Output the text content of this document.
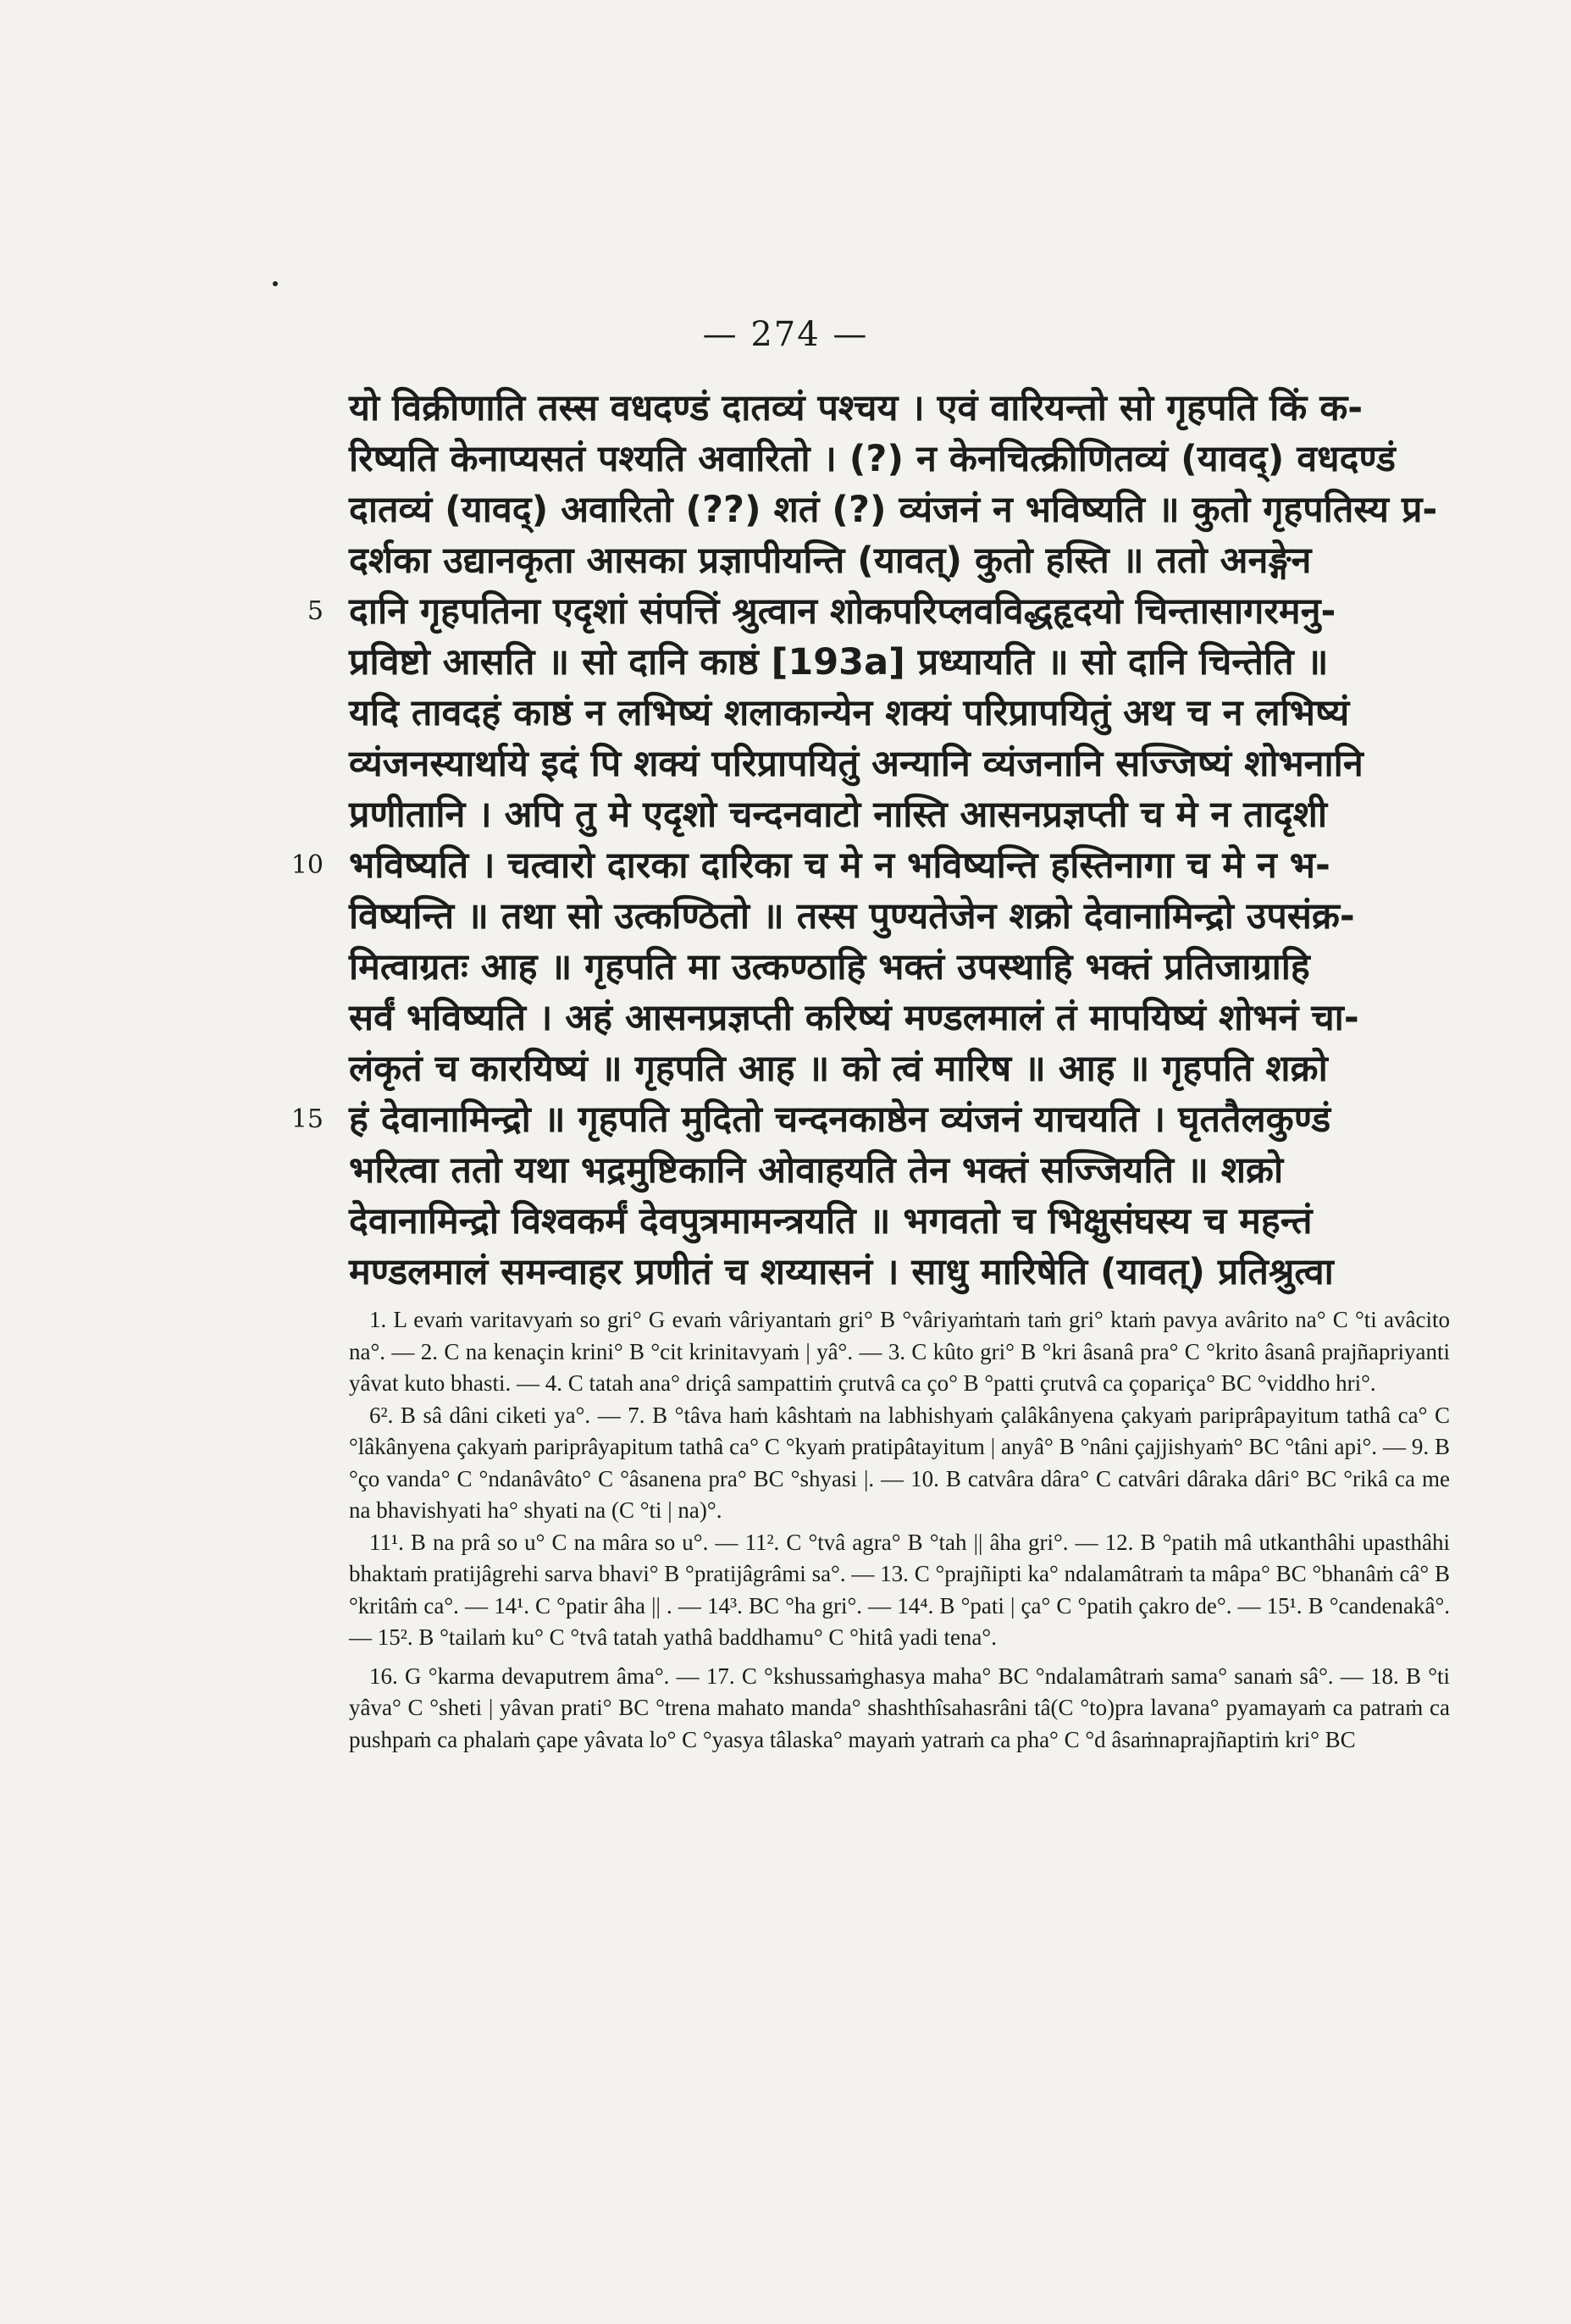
— 274 —
यो विक्रीणाति तस्स वधदण्डं दातव्यं पश्चय । एवं वारियन्तो सो गृहपति किं क-
रिष्यति केनाप्यसतं पश्यति अवारितो । (?) न केनचित्क्रीणितव्यं (यावद्) वधदण्डं
दातव्यं (यावद्) अवारितो (??) शतं (?) व्यंजनं न भविष्यति ॥ कुतो गृहपतिस्य प्र-
दर्शका उद्यानकृता आसका प्रज्ञापीयन्ति (यावत्) कुतो हस्ति ॥ ततो अनङ्गेन
5 दानि गृहपतिना एदृशां संपत्तिं श्रुत्वान शोकपरिप्लवविद्धहृदयो चिन्तासागरमनु-
प्रविष्टो आसति ॥ सो दानि काष्ठं [193a] प्रध्यायति ॥ सो दानि चिन्तेति ॥
यदि तावदहं काष्ठं न लभिष्यं शलाकान्येन शक्यं परिप्रापयितुं अथ च न लभिष्यं
व्यंजनस्यार्थाये इदं पि शक्यं परिप्रापयितुं अन्यानि व्यंजनानि सज्जिष्यं शोभनानि
प्रणीतानि । अपि तु मे एदृशो चन्दनवाटो नास्ति आसनप्रज्ञप्ती च मे न तादृशी
10 भविष्यति । चत्वारो दारका दारिका च मे न भविष्यन्ति हस्तिनागा च मे न भ-
विष्यन्ति ॥ तथा सो उत्कण्ठितो ॥ तस्स पुण्यतेजेन शक्रो देवानामिन्द्रो उपसंक्र-
मित्वाग्रतः आह ॥ गृहपति मा उत्कण्ठाहि भक्तं उपस्थाहि भक्तं प्रतिजाग्राहि
सर्वं भविष्यति । अहं आसनप्रज्ञप्ती करिष्यं मण्डलमालं तं मापयिष्यं शोभनं चा-
लंकृतं च कारयिष्यं ॥ गृहपति आह ॥ को त्वं मारिष ॥ आह ॥ गृहपति शक्रो
15 हं देवानामिन्द्रो ॥ गृहपति मुदितो चन्दनकाष्ठेन व्यंजनं याचयति । घृततैलकुण्डं
भरित्वा ततो यथा भद्रमुष्टिकानि ओवाहयति तेन भक्तं सज्जियति ॥ शक्रो
देवानामिन्द्रो विश्वकर्मं देवपुत्रमामन्त्रयति ॥ भगवतो च भिक्षुसंघस्य च महन्तं
मण्डलमालं समन्वाहर प्रणीतं च शय्यासनं । साधु मारिषेति (यावत्) प्रतिश्रुत्वा

1. L evaṁ varitavyaṁ so gri° G evaṁ vâriyantaṁ gri° B °vâriyaṁtaṁ taṁ gri° ktaṁ pavya avârito na° C °ti avâcito na°. — 2. C na kenaçin krini° B °cit krinitavyaṁ | yâ°. — 3. C kûto gri° B °kri âsanâ pra° C °krito âsanâ prajñapriyanti yâvat kuto bhasti. — 4. C tatah ana° driçâ sampattiṁ çrutvâ ca ço° B °patti çrutvâ ca çopariça° BC °viddho hri°.

6². B sâ dâni ciketi ya°. — 7. B °tâva haṁ kâshtaṁ na labhishyaṁ çalâkânyena çakyaṁ pariprâpayitum tathâ ca° C °lâkânyena çakyaṁ pariprâyapitum tathâ ca° C °kyaṁ pratipâtayitum | anyâ° B °nâni çajjishyaṁ° BC °tâni api°. — 9. B °ço vanda° C °ndanâvâto° C °âsanena pra° BC °shyasi |. — 10. B catvâra dâra° C catvâri dâraka dâri° BC °rikâ ca me na bhavishyati ha° shyati na (C °ti | na)°.

11¹. B na prâ so u° C na mâra so u°. — 11². C °tvâ agra° B °tah || âha gri°. — 12. B °patih mâ utkanthâhi upasthâhi bhaktaṁ pratijâgrehi sarva bhavi° B °pratijâgrâmi sa°. — 13. C °prajñipti ka° ndalamâtraṁ ta mâpa° BC °bhanâṁ câ° B °kritâṁ ca°. — 14¹. C °patir âha || . — 14³. BC °ha gri°. — 14⁴. B °pati | ça° C °patih çakro de°. — 15¹. B °candenakâ°. — 15². B °tailaṁ ku° C °tvâ tatah yathâ baddhamu° C °hitâ yadi tena°.

16. G °karma devaputrem âma°. — 17. C °kshussaṁghasya maha° BC °ndalamâtraṁ sama° sanaṁ sâ°. — 18. B °ti yâva° C °sheti | yâvan prati° BC °trena mahato manda° shashthîsahasrâni tâ(C °to)pra lavana° pyamayaṁ ca patraṁ ca pushpaṁ ca phalaṁ çape yâvata lo° C °yasya tâlaska° mayaṁ yatraṁ ca pha° C °d âsaṁnaprajñaptiṁ kri° BC
